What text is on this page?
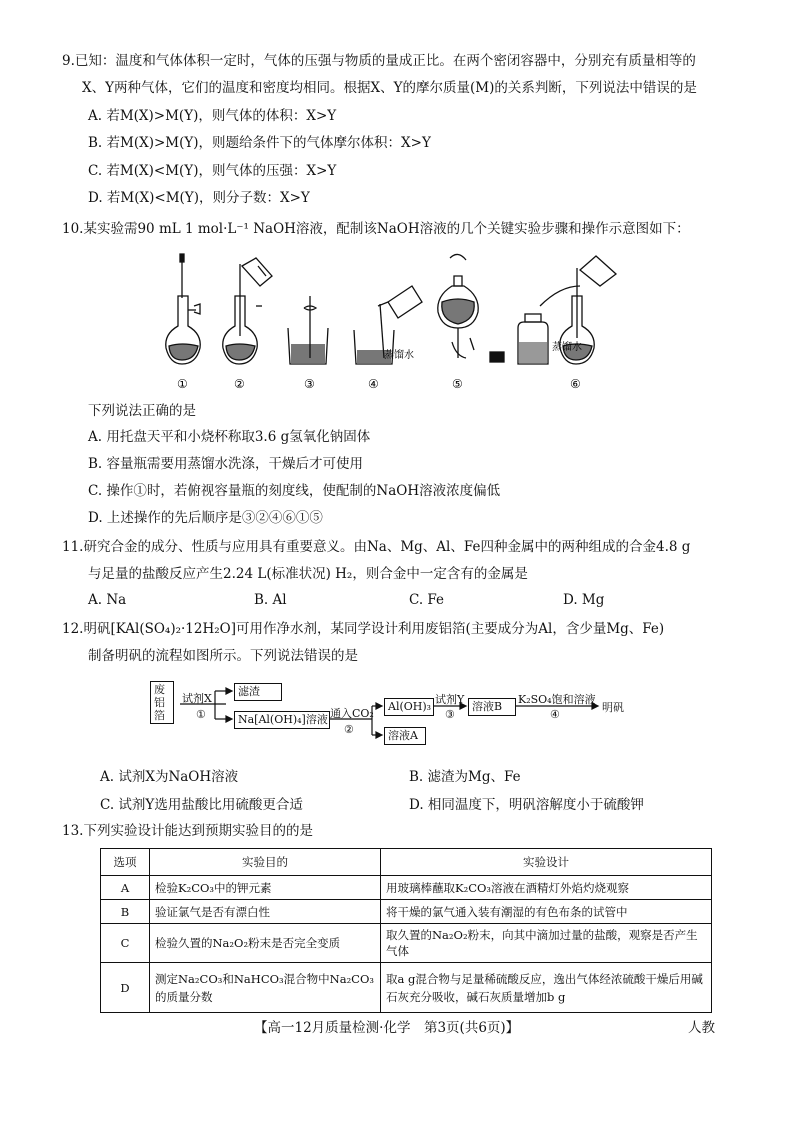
9.已知：温度和气体体积一定时，气体的压强与物质的量成正比。在两个密闭容器中，分别充有质量相等的
X、Y两种气体，它们的温度和密度均相同。根据X、Y的摩尔质量(M)的关系判断，下列说法中错误的是
A. 若M(X)>M(Y)，则气体的体积：X>Y
B. 若M(X)>M(Y)，则题给条件下的气体摩尔体积：X>Y
C. 若M(X)<M(Y)，则气体的压强：X>Y
D. 若M(X)<M(Y)，则分子数：X>Y
10.某实验需90 mL 1 mol·L⁻¹ NaOH溶液，配制该NaOH溶液的几个关键实验步骤和操作示意图如下：
①	②	③	④	⑤	⑥
蒸馏水
蒸馏水
下列说法正确的是
A. 用托盘天平和小烧杯称取3.6 g氢氧化钠固体
B. 容量瓶需要用蒸馏水洗涤，干燥后才可使用
C. 操作①时，若俯视容量瓶的刻度线，使配制的NaOH溶液浓度偏低
D. 上述操作的先后顺序是③②④⑥①⑤
11.研究合金的成分、性质与应用具有重要意义。由Na、Mg、Al、Fe四种金属中的两种组成的合金4.8 g
与足量的盐酸反应产生2.24 L(标准状况) H₂，则合金中一定含有的金属是
A. Na	B. Al	C. Fe	D. Mg
12.明矾[KAl(SO₄)₂·12H₂O]可用作净水剂，某同学设计利用废铝箔(主要成分为Al，含少量Mg、Fe)
制备明矾的流程如图所示。下列说法错误的是
废铝箔
试剂X
①
滤渣
Na[Al(OH)₄]溶液 通入CO₂
②
Al(OH)₃
溶液A
试剂Y
③
溶液B
K₂SO₄饱和溶液
④
明矾
A. 试剂X为NaOH溶液	B. 滤渣为Mg、Fe
C. 试剂Y选用盐酸比用硫酸更合适	D. 相同温度下，明矾溶解度小于硫酸钾
13.下列实验设计能达到预期实验目的的是
选项	实验目的	实验设计
A	检验K₂CO₃中的钾元素	用玻璃棒蘸取K₂CO₃溶液在酒精灯外焰灼烧观察
B	验证氯气是否有漂白性	将干燥的氯气通入装有潮湿的有色布条的试管中
C	检验久置的Na₂O₂粉末是否完全变质	取久置的Na₂O₂粉末，向其中滴加过量的盐酸，观察是否产生气体
D	测定Na₂CO₃和NaHCO₃混合物中Na₂CO₃的质量分数	取a g混合物与足量稀硫酸反应，逸出气体经浓硫酸干燥后用碱石灰充分吸收，碱石灰质量增加b g
【高一12月质量检测·化学　第3页(共6页)】	人教
